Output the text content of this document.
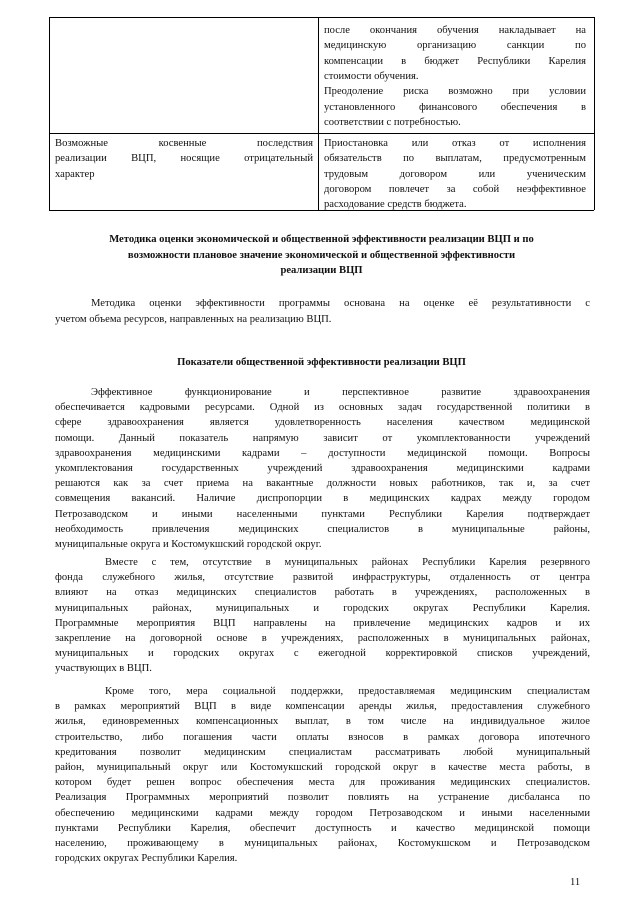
после окончания обучения накладывает на
медицинскую организацию санкции по
компенсации в бюджет Республики Карелия
стоимости обучения.
Преодоление риска возможно при условии
установленного финансового обеспечения в
соответствии с потребностью.
Возможные косвенные последствия
реализации ВЦП, носящие отрицательный
характер
Приостановка или отказ от исполнения
обязательств по выплатам, предусмотренным
трудовым договором или ученическим
договором повлечет за собой неэффективное
расходование средств бюджета.
Методика оценки экономической и общественной эффективности реализации ВЦП и по
возможности плановое значение экономической и общественной эффективности
реализации ВЦП
Методика оценки эффективности программы основана на оценке её результативности с
учетом объема ресурсов, направленных на реализацию ВЦП.
Показатели общественной эффективности реализации ВЦП
Эффективное функционирование и перспективное развитие здравоохранения
обеспечивается кадровыми ресурсами. Одной из основных задач государственной политики в
сфере здравоохранения является удовлетворенность населения качеством медицинской
помощи. Данный показатель напрямую зависит от укомплектованности учреждений
здравоохранения медицинскими кадрами – доступности медицинской помощи. Вопросы
укомплектования государственных учреждений здравоохранения медицинскими кадрами
решаются как за счет приема на вакантные должности новых работников, так и, за счет
совмещения вакансий. Наличие диспропорции в медицинских кадрах между городом
Петрозаводском и иными населенными пунктами Республики Карелия подтверждает
необходимость привлечения медицинских специалистов в муниципальные районы,
муниципальные округа и Костомукшский городской округ.
Вместе с тем, отсутствие в муниципальных районах Республики Карелия резервного
фонда служебного жилья, отсутствие развитой инфраструктуры, отдаленность от центра
влияют на отказ медицинских специалистов работать в учреждениях, расположенных в
муниципальных районах, муниципальных и городских округах Республики Карелия.
Программные мероприятия ВЦП направлены на привлечение медицинских кадров и их
закрепление на договорной основе в учреждениях, расположенных в муниципальных районах,
муниципальных и городских округах с ежегодной корректировкой списков учреждений,
участвующих в ВЦП.
Кроме того, мера социальной поддержки, предоставляемая медицинским специалистам
в рамках мероприятий ВЦП в виде компенсации аренды жилья, предоставления служебного
жилья, единовременных компенсационных выплат, в том числе на индивидуальное жилое
строительство, либо погашения части оплаты взносов в рамках договора ипотечного
кредитования позволит медицинским специалистам рассматривать любой муниципальный
район, муниципальный округ или Костомукшский городской округ в качестве места работы, в
котором будет решен вопрос обеспечения места для проживания медицинских специалистов.
Реализация Программных мероприятий позволит повлиять на устранение дисбаланса по
обеспечению медицинскими кадрами между городом Петрозаводском и иными населенными
пунктами Республики Карелия, обеспечит доступность и качество медицинской помощи
населению, проживающему в муниципальных районах, Костомукшском и Петрозаводском
городских округах Республики Карелия.
11
